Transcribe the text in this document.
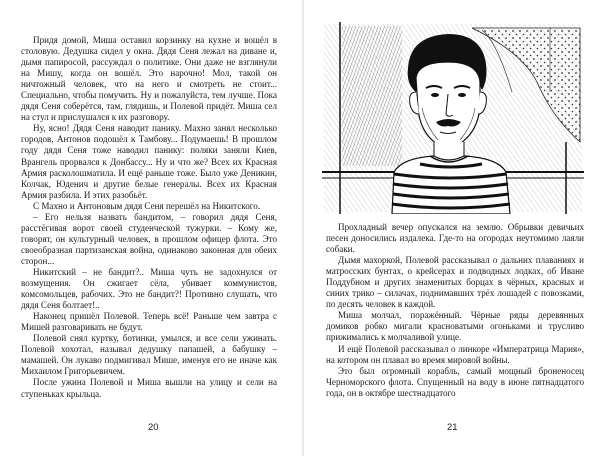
Придя домой, Миша оставил корзинку на кухне и вошёл в столовую. Дедушка сидел у окна. Дядя Сеня лежал на диване и, дымя папиросой, рассуждал о политике. Они даже не взглянули на Мишу, когда он вошёл. Это нарочно! Мол, такой он ничтожный человек, что на него и смотреть не стоит... Специально, чтобы помучить. Ну и пожалуйста, тем лучше. Пока дядя Сеня соберётся, там, глядишь, и Полевой придёт. Миша сел на стул и прислушался к их разговору.

Ну, ясно! Дядя Сеня наводит панику. Махно занял несколько городов, Антонов подошёл к Тамбову... Подумаешь! В прошлом году дядя Сеня тоже наводил панику: поляки заняли Киев, Врангель прорвался к Донбассу... Ну и что же? Всех их Красная Армия расколошматила. И ещё раньше тоже. Было уже Деникин, Колчак, Юденич и другие белые генералы. Всех их Красная Армия разбила. И этих разобьёт.

С Махно и Антоновым дядя Сеня перешёл на Никитского.

– Его нельзя назвать бандитом, – говорил дядя Сеня, расстёгивая ворот своей студенческой тужурки. – Кому же, говорят, он культурный человек, в прошлом офицер флота. Это своеобразная партизанская война, одинаково законная для обеих сторон...

Никитский – не бандит?.. Миша чуть не задохнулся от возмущения. Он сжигает сёла, убивает коммунистов, комсомольцев, рабочих. Это не бандит?! Противно слушать, что дядя Сеня болтает!..

Наконец пришёл Полевой. Теперь всё! Раньше чем завтра с Мишей разговаривать не будут.

Полевой снял куртку, ботинки, умылся, и все сели ужинать. Полевой хохотал, называл дедушку папашей, а бабушку – мамашей. Он лукаво подмигивал Мише, именуя его не иначе как Михаилом Григорьевичем.

После ужина Полевой и Миша вышли на улицу и сели на ступеньках крыльца.

20

Прохладный вечер опускался на землю. Обрывки девичьих песен доносились издалека. Где-то на огородах неутомимо лаяли собаки.

Дымя махоркой, Полевой рассказывал о дальних плаваниях и матросских бунтах, о крейсерах и подводных лодках, об Иване Поддубном и других знаменитых борцах в чёрных, красных и синих трико – силачах, поднимавших трёх лошадей с повозками, по десять человек в каждой.

Миша молчал, поражённый. Чёрные ряды деревянных домиков робко мигали красноватыми огоньками и трусливо прижимались к молчаливой улице.

И ещё Полевой рассказывал о линкоре «Императрица Мария», на котором он плавал во время мировой войны.

Это был огромный корабль, самый мощный броненосец Черноморского флота. Спущенный на воду в июне пятнадцатого года, он в октябре шестнадцатого

21
